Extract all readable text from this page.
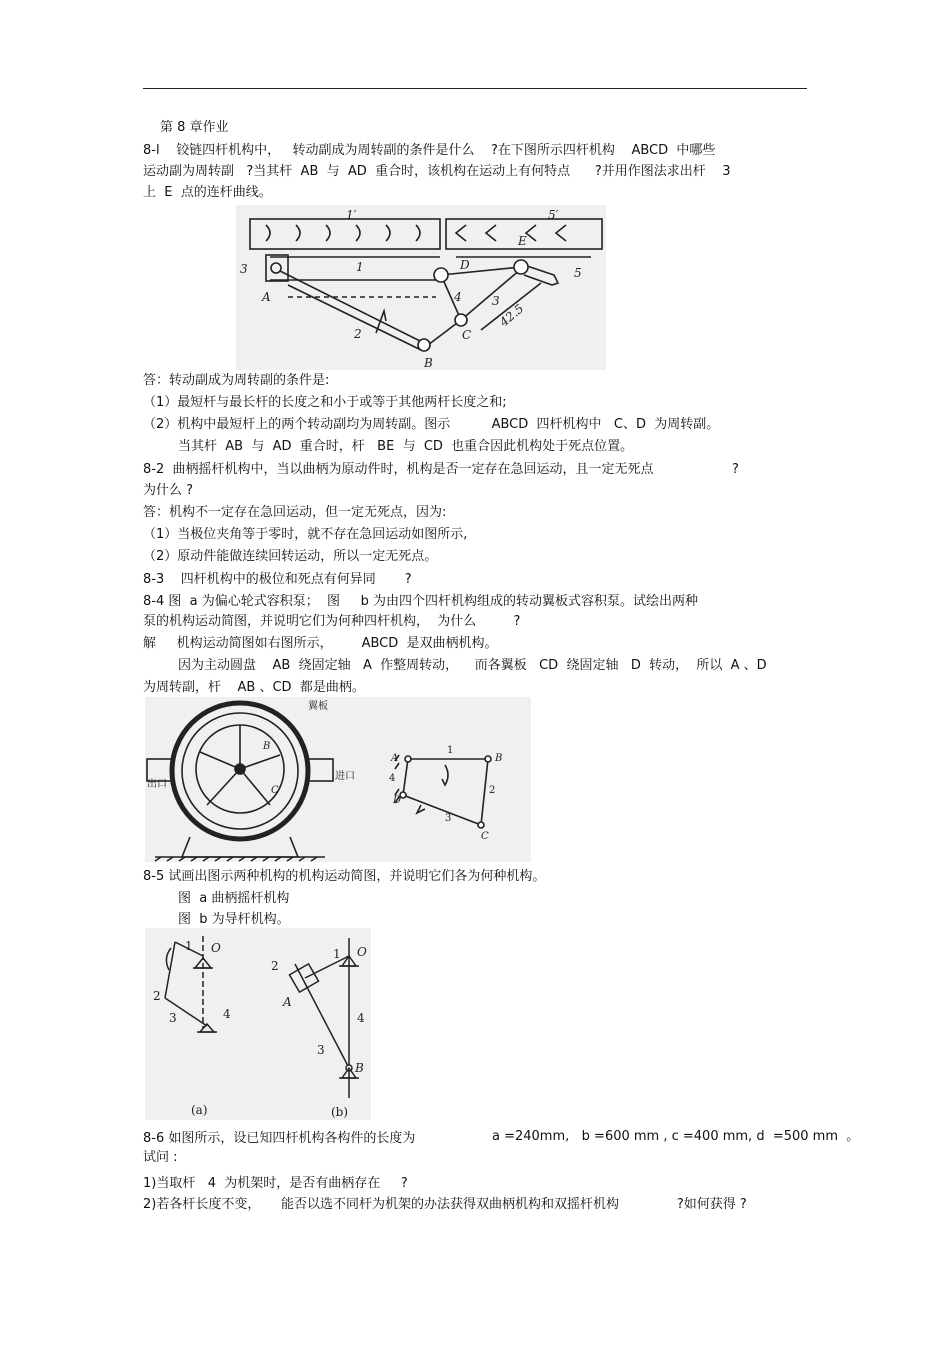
第 8 章作业
8-l    铰链四杆机构中，   转动副成为周转副的条件是什么    ?在下图所示四杆机构    ABCD  中哪些
运动副为周转副   ?当其杆  AB  与  AD  重合时，该机构在运动上有何特点      ?并用作图法求出杆    3
上  E  点的连杆曲线。
1′	5′
E
3	1	D
A	4	3
5
42.5
2	C
B
答：转动副成为周转副的条件是:
（1）最短杆与最长杆的长度之和小于或等于其他两杆长度之和;
（2）机构中最短杆上的两个转动副均为周转副。图示          ABCD  四杆机构中   C、D  为周转副。
当其杆  AB  与  AD  重合时，杆   BE  与  CD  也重合因此机构处于死点位置。
8-2  曲柄摇杆机构中，当以曲柄为原动件时，机构是否一定存在急回运动，且一定无死点                   ?
为什么 ?
答：机构不一定存在急回运动，但一定无死点，因为:
（1）当极位夹角等于零时，就不存在急回运动如图所示,
（2）原动件能做连续回转运动，所以一定无死点。
8-3    四杆机构中的极位和死点有何异同       ?
8-4 图  a 为偏心轮式容积泵；  图     b 为由四个四杆机构组成的转动翼板式容积泵。试绘出两种
泵的机构运动简图，并说明它们为何种四杆机构，  为什么         ?
解     机构运动简图如右图所示，       ABCD  是双曲柄机构。
因为主动圆盘    AB  绕固定轴   A  作整周转动，    而各翼板   CD  绕固定轴   D  转动，  所以  A 、D
为周转副，杆    AB 、CD  都是曲柄。
翼板
出口
进口
B
C
A
1
B
4
D
2
3
C
8-5 试画出图示两种机构的机构运动简图，并说明它们各为何种机构。
图  a 曲柄摇杆机构
图  b 为导杆机构。
O
1
2
3	4
2
1 O
A
4
3
B
(a)	(b)
8-6 如图所示，设已知四杆机构各构件的长度为	a =240mm,   b =600 mm , c =400 mm, d  =500 mm  。
试问 :
1)当取杆   4  为机架时，是否有曲柄存在     ?
2)若各杆长度不变，     能否以选不同杆为机架的办法获得双曲柄机构和双摇杆机构              ?如何获得 ?
